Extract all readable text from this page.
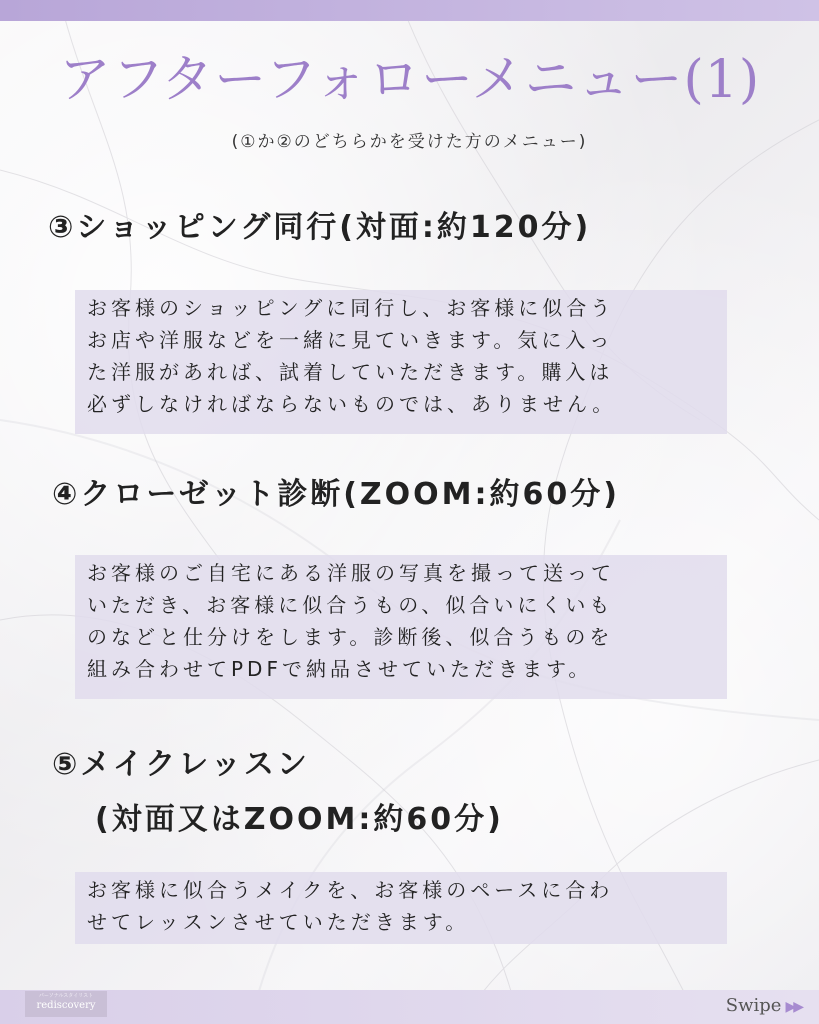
アフターフォローメニュー(1)
(①か②のどちらかを受けた方のメニュー)
③ショッピング同行(対面:約120分)
お客様のショッピングに同行し、お客様に似合う
お店や洋服などを一緒に見ていきます。気に入っ
た洋服があれば、試着していただきます。購入は
必ずしなければならないものでは、ありません。
④クローゼット診断(ZOOM:約60分)
お客様のご自宅にある洋服の写真を撮って送って
いただき、お客様に似合うもの、似合いにくいも
のなどと仕分けをします。診断後、似合うものを
組み合わせてPDFで納品させていただきます。
⑤メイクレッスン
(対面又はZOOM:約60分)
お客様に似合うメイクを、お客様のペースに合わ
せてレッスンさせていただきます。
パーソナルスタイリスト
rediscovery	Swipe ▶▶
